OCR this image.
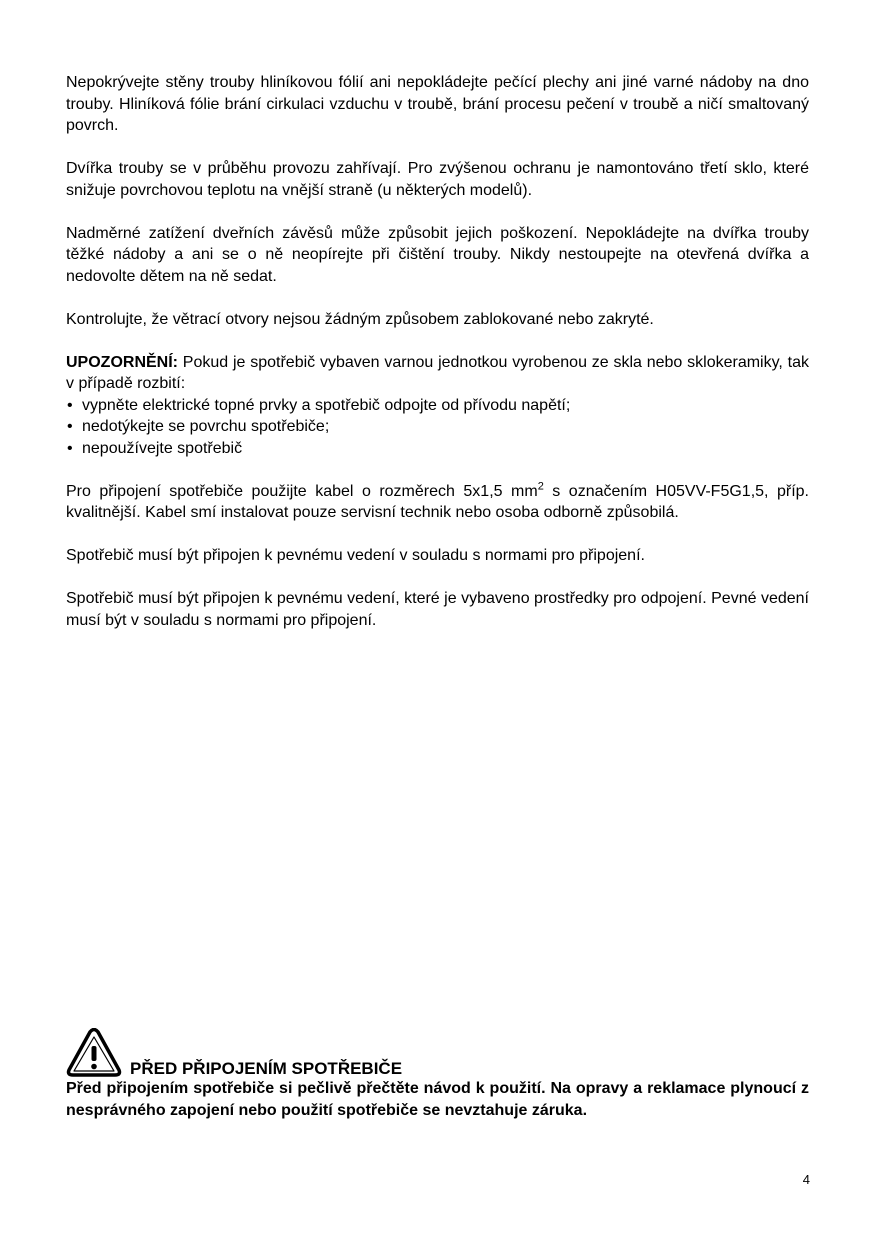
Nepokrývejte stěny trouby hliníkovou fólií ani nepokládejte pečící plechy ani jiné varné nádoby na dno trouby. Hliníková fólie brání cirkulaci vzduchu v troubě, brání procesu pečení v troubě a ničí smaltovaný povrch.

Dvířka trouby se v průběhu provozu zahřívají. Pro zvýšenou ochranu je namontováno třetí sklo, které snižuje povrchovou teplotu na vnější straně (u některých modelů).

Nadměrné zatížení dveřních závěsů může způsobit jejich poškození. Nepokládejte na dvířka trouby těžké nádoby a ani se o ně neopírejte při čištění trouby. Nikdy nestoupejte na otevřená dvířka a nedovolte dětem na ně sedat.

Kontrolujte, že větrací otvory nejsou žádným způsobem zablokované nebo zakryté.

UPOZORNĚNÍ: Pokud je spotřebič vybaven varnou jednotkou vyrobenou ze skla nebo sklokeramiky, tak v případě rozbití:

• vypněte elektrické topné prvky a spotřebič odpojte od přívodu napětí;
• nedotýkejte se povrchu spotřebiče;
• nepoužívejte spotřebič

Pro připojení spotřebiče použijte kabel o rozměrech 5x1,5 $mm^2$ s označením H05VV-F5G1,5, příp. kvalitnější. Kabel smí instalovat pouze servisní technik nebo osoba odborně způsobilá.

Spotřebič musí být připojen k pevnému vedení v souladu s normami pro připojení.

Spotřebič musí být připojen k pevnému vedení, které je vybaveno prostředky pro odpojení. Pevné vedení musí být v souladu s normami pro připojení.

PŘED PŘIPOJENÍM SPOTŘEBIČE

Před připojením spotřebiče si pečlivě přečtěte návod k použití. Na opravy a reklamace plynoucí z nesprávného zapojení nebo použití spotřebiče se nevztahuje záruka.

4
